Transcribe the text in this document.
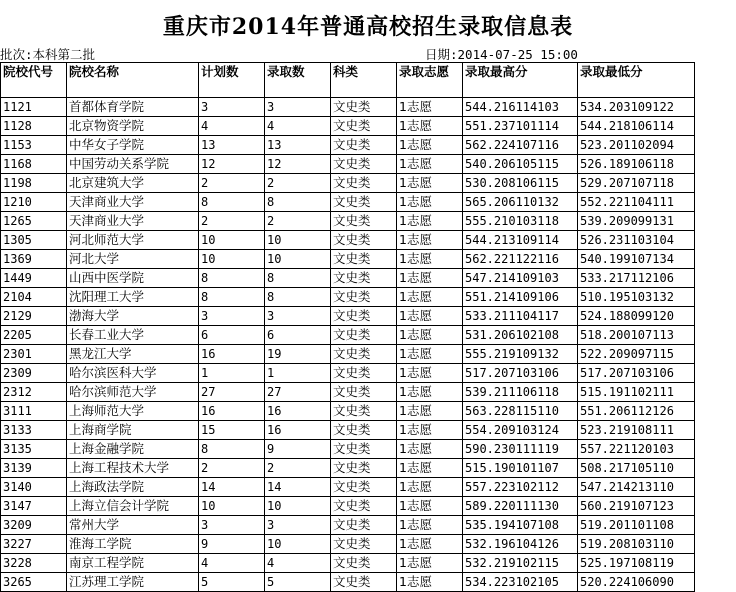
重庆市2014年普通高校招生录取信息表
批次:本科第二批	日期:2014-07-25 15:00
院校代号	院校名称	计划数	录取数	科类	录取志愿	录取最高分	录取最低分
1121	首都体育学院	3	3	文史类	1志愿	544.216114103	534.203109122
1128	北京物资学院	4	4	文史类	1志愿	551.237101114	544.218106114
1153	中华女子学院	13	13	文史类	1志愿	562.224107116	523.201102094
1168	中国劳动关系学院	12	12	文史类	1志愿	540.206105115	526.189106118
1198	北京建筑大学	2	2	文史类	1志愿	530.208106115	529.207107118
1210	天津商业大学	8	8	文史类	1志愿	565.206110132	552.221104111
1265	天津商业大学	2	2	文史类	1志愿	555.210103118	539.209099131
1305	河北师范大学	10	10	文史类	1志愿	544.213109114	526.231103104
1369	河北大学	10	10	文史类	1志愿	562.221122116	540.199107134
1449	山西中医学院	8	8	文史类	1志愿	547.214109103	533.217112106
2104	沈阳理工大学	8	8	文史类	1志愿	551.214109106	510.195103132
2129	渤海大学	3	3	文史类	1志愿	533.211104117	524.188099120
2205	长春工业大学	6	6	文史类	1志愿	531.206102108	518.200107113
2301	黑龙江大学	16	19	文史类	1志愿	555.219109132	522.209097115
2309	哈尔滨医科大学	1	1	文史类	1志愿	517.207103106	517.207103106
2312	哈尔滨师范大学	27	27	文史类	1志愿	539.211106118	515.191102111
3111	上海师范大学	16	16	文史类	1志愿	563.228115110	551.206112126
3133	上海商学院	15	16	文史类	1志愿	554.209103124	523.219108111
3135	上海金融学院	8	9	文史类	1志愿	590.230111119	557.221120103
3139	上海工程技术大学	2	2	文史类	1志愿	515.190101107	508.217105110
3140	上海政法学院	14	14	文史类	1志愿	557.223102112	547.214213110
3147	上海立信会计学院	10	10	文史类	1志愿	589.220111130	560.219107123
3209	常州大学	3	3	文史类	1志愿	535.194107108	519.201101108
3227	淮海工学院	9	10	文史类	1志愿	532.196104126	519.208103110
3228	南京工程学院	4	4	文史类	1志愿	532.219102115	525.197108119
3265	江苏理工学院	5	5	文史类	1志愿	534.223102105	520.224106090
